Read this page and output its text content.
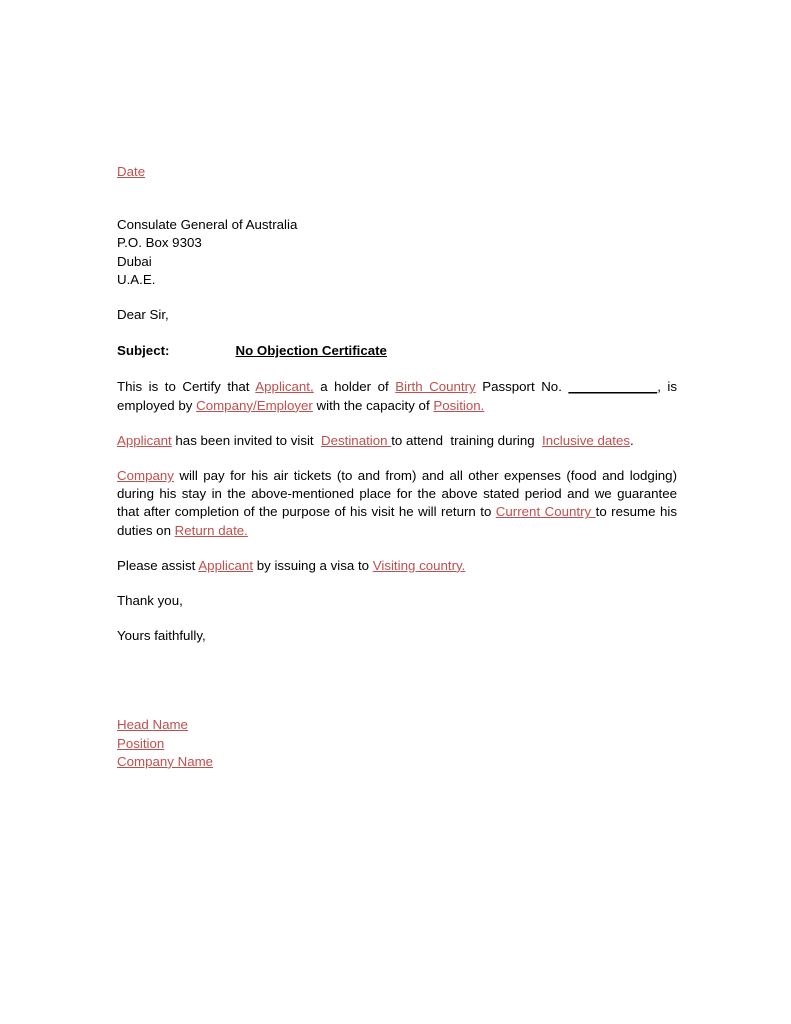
Date
Consulate General of Australia
P.O. Box 9303
Dubai
U.A.E.
Dear Sir,
Subject:	No Objection Certificate

This is to Certify that Applicant, a holder of Birth Country Passport No. ____________, is employed by Company/Employer with the capacity of Position.

Applicant has been invited to visit  Destination to attend  training during  Inclusive dates.

Company will pay for his air tickets (to and from) and all other expenses (food and lodging) during his stay in the above-mentioned place for the above stated period and we guarantee that after completion of the purpose of his visit he will return to Current Country to resume his duties on Return date.

Please assist Applicant by issuing a visa to Visiting country.

Thank you,
Yours faithfully,
Head Name
Position
Company Name
